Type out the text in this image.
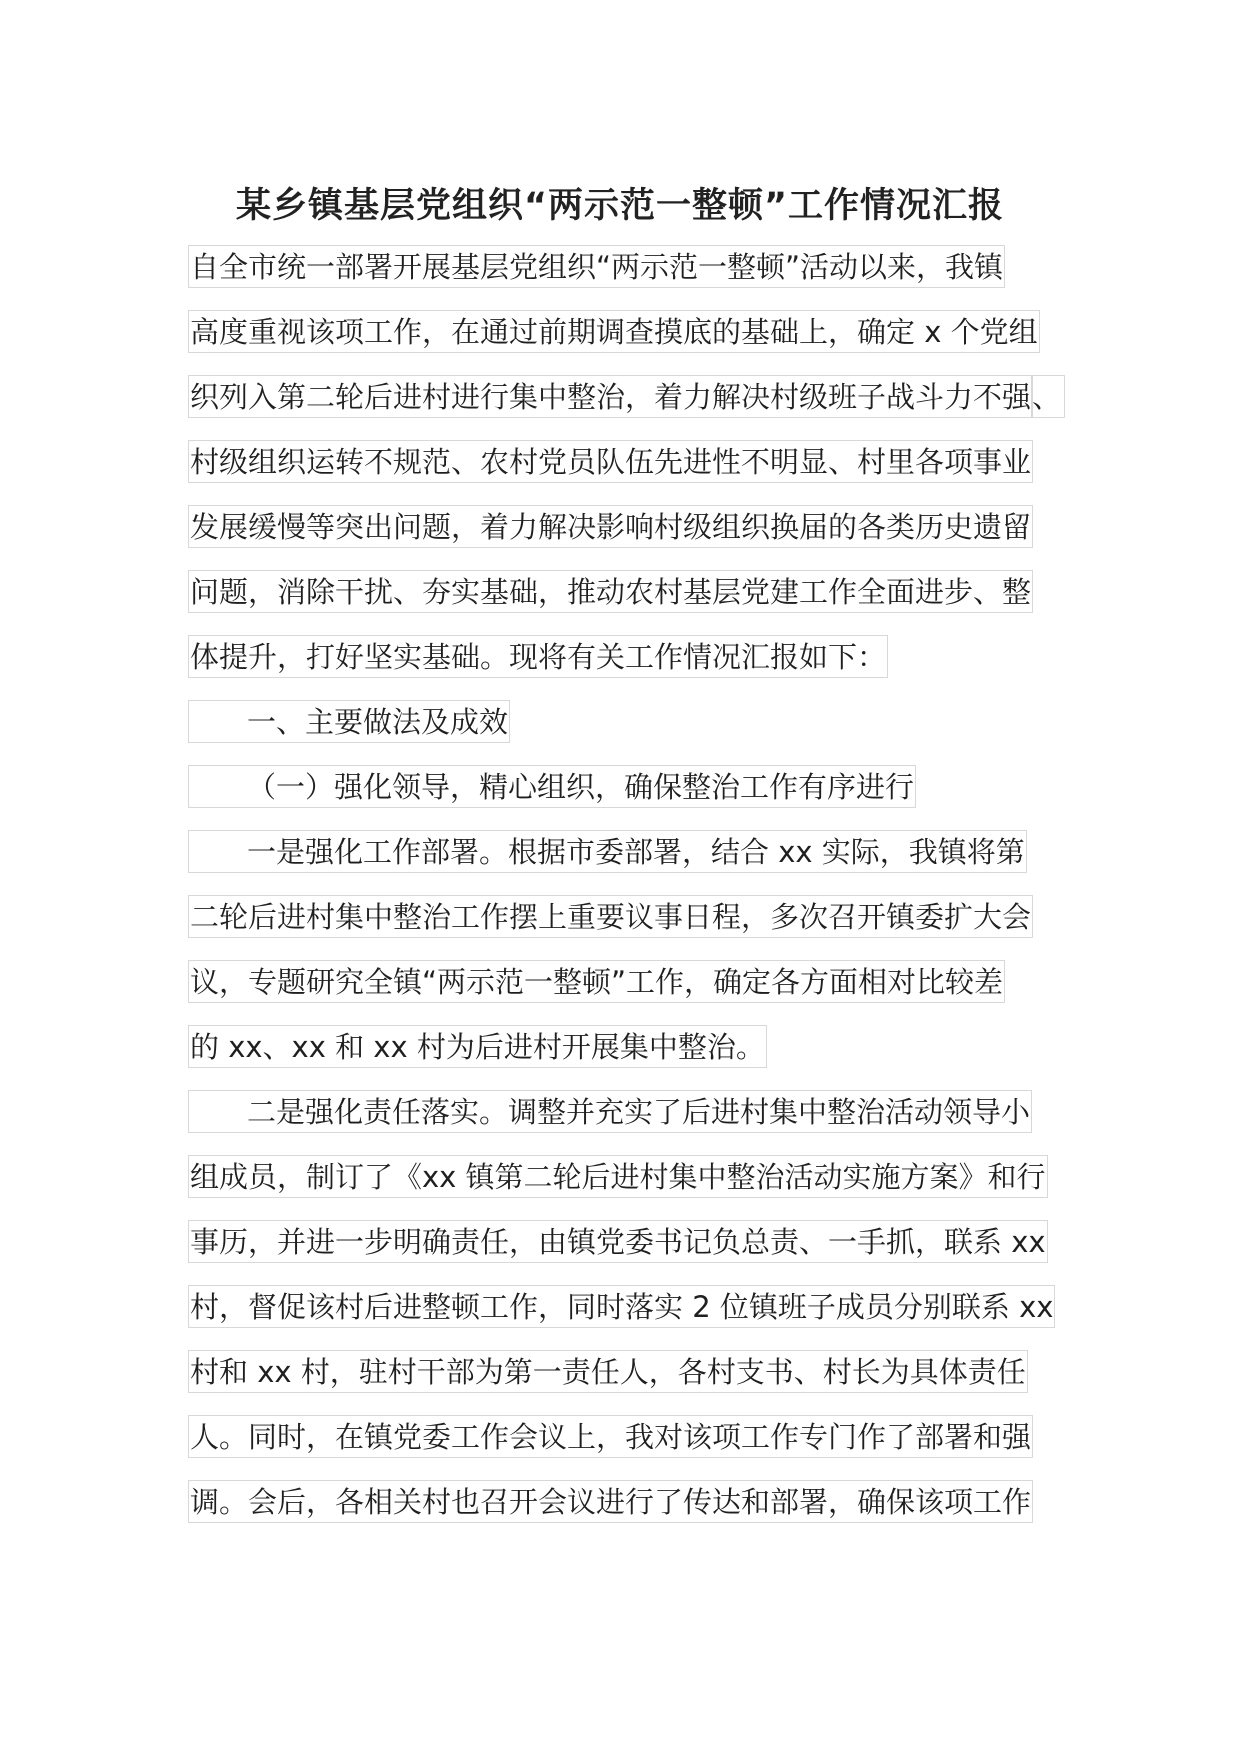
某乡镇基层党组织“两示范一整顿”工作情况汇报
自全市统一部署开展基层党组织“两示范一整顿”活动以来，我镇
高度重视该项工作，在通过前期调查摸底的基础上，确定 x 个党组
织列入第二轮后进村进行集中整治，着力解决村级班子战斗力不强、
村级组织运转不规范、农村党员队伍先进性不明显、村里各项事业
发展缓慢等突出问题，着力解决影响村级组织换届的各类历史遗留
问题，消除干扰、夯实基础，推动农村基层党建工作全面进步、整
体提升，打好坚实基础。现将有关工作情况汇报如下：
一、主要做法及成效
（一）强化领导，精心组织，确保整治工作有序进行
一是强化工作部署。根据市委部署，结合 xx 实际，我镇将第
二轮后进村集中整治工作摆上重要议事日程，多次召开镇委扩大会
议，专题研究全镇“两示范一整顿”工作，确定各方面相对比较差
的 xx、xx 和 xx 村为后进村开展集中整治。
二是强化责任落实。调整并充实了后进村集中整治活动领导小
组成员，制订了《xx 镇第二轮后进村集中整治活动实施方案》和行
事历，并进一步明确责任，由镇党委书记负总责、一手抓，联系 xx
村，督促该村后进整顿工作，同时落实 2 位镇班子成员分别联系 xx
村和 xx 村，驻村干部为第一责任人，各村支书、村长为具体责任
人。同时，在镇党委工作会议上，我对该项工作专门作了部署和强
调。会后，各相关村也召开会议进行了传达和部署，确保该项工作
